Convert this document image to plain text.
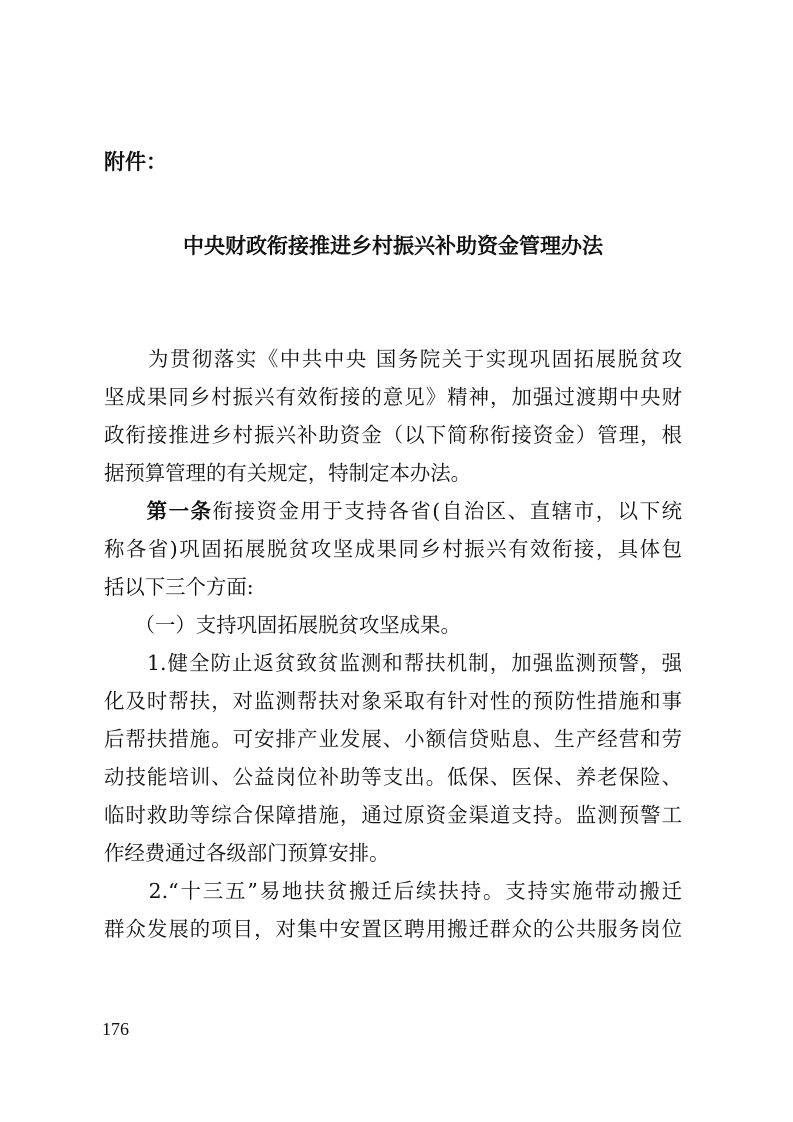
附件：

中央财政衔接推进乡村振兴补助资金管理办法

　　为贯彻落实《中共中央 国务院关于实现巩固拓展脱贫攻

坚成果同乡村振兴有效衔接的意见》精神，加强过渡期中央财

政衔接推进乡村振兴补助资金（以下简称衔接资金）管理，根

据预算管理的有关规定，特制定本办法。

第一条衔接资金用于支持各省(自治区、直辖市，以下统

称各省)巩固拓展脱贫攻坚成果同乡村振兴有效衔接，具体包

括以下三个方面:

　　（一）支持巩固拓展脱贫攻坚成果。

　　1.健全防止返贫致贫监测和帮扶机制，加强监测预警，强

化及时帮扶，对监测帮扶对象采取有针对性的预防性措施和事

后帮扶措施。可安排产业发展、小额信贷贴息、生产经营和劳

动技能培训、公益岗位补助等支出。低保、医保、养老保险、

临时救助等综合保障措施，通过原资金渠道支持。监测预警工

作经费通过各级部门预算安排。

　　2.“十三五”易地扶贫搬迁后续扶持。支持实施带动搬迁

群众发展的项目，对集中安置区聘用搬迁群众的公共服务岗位

176
